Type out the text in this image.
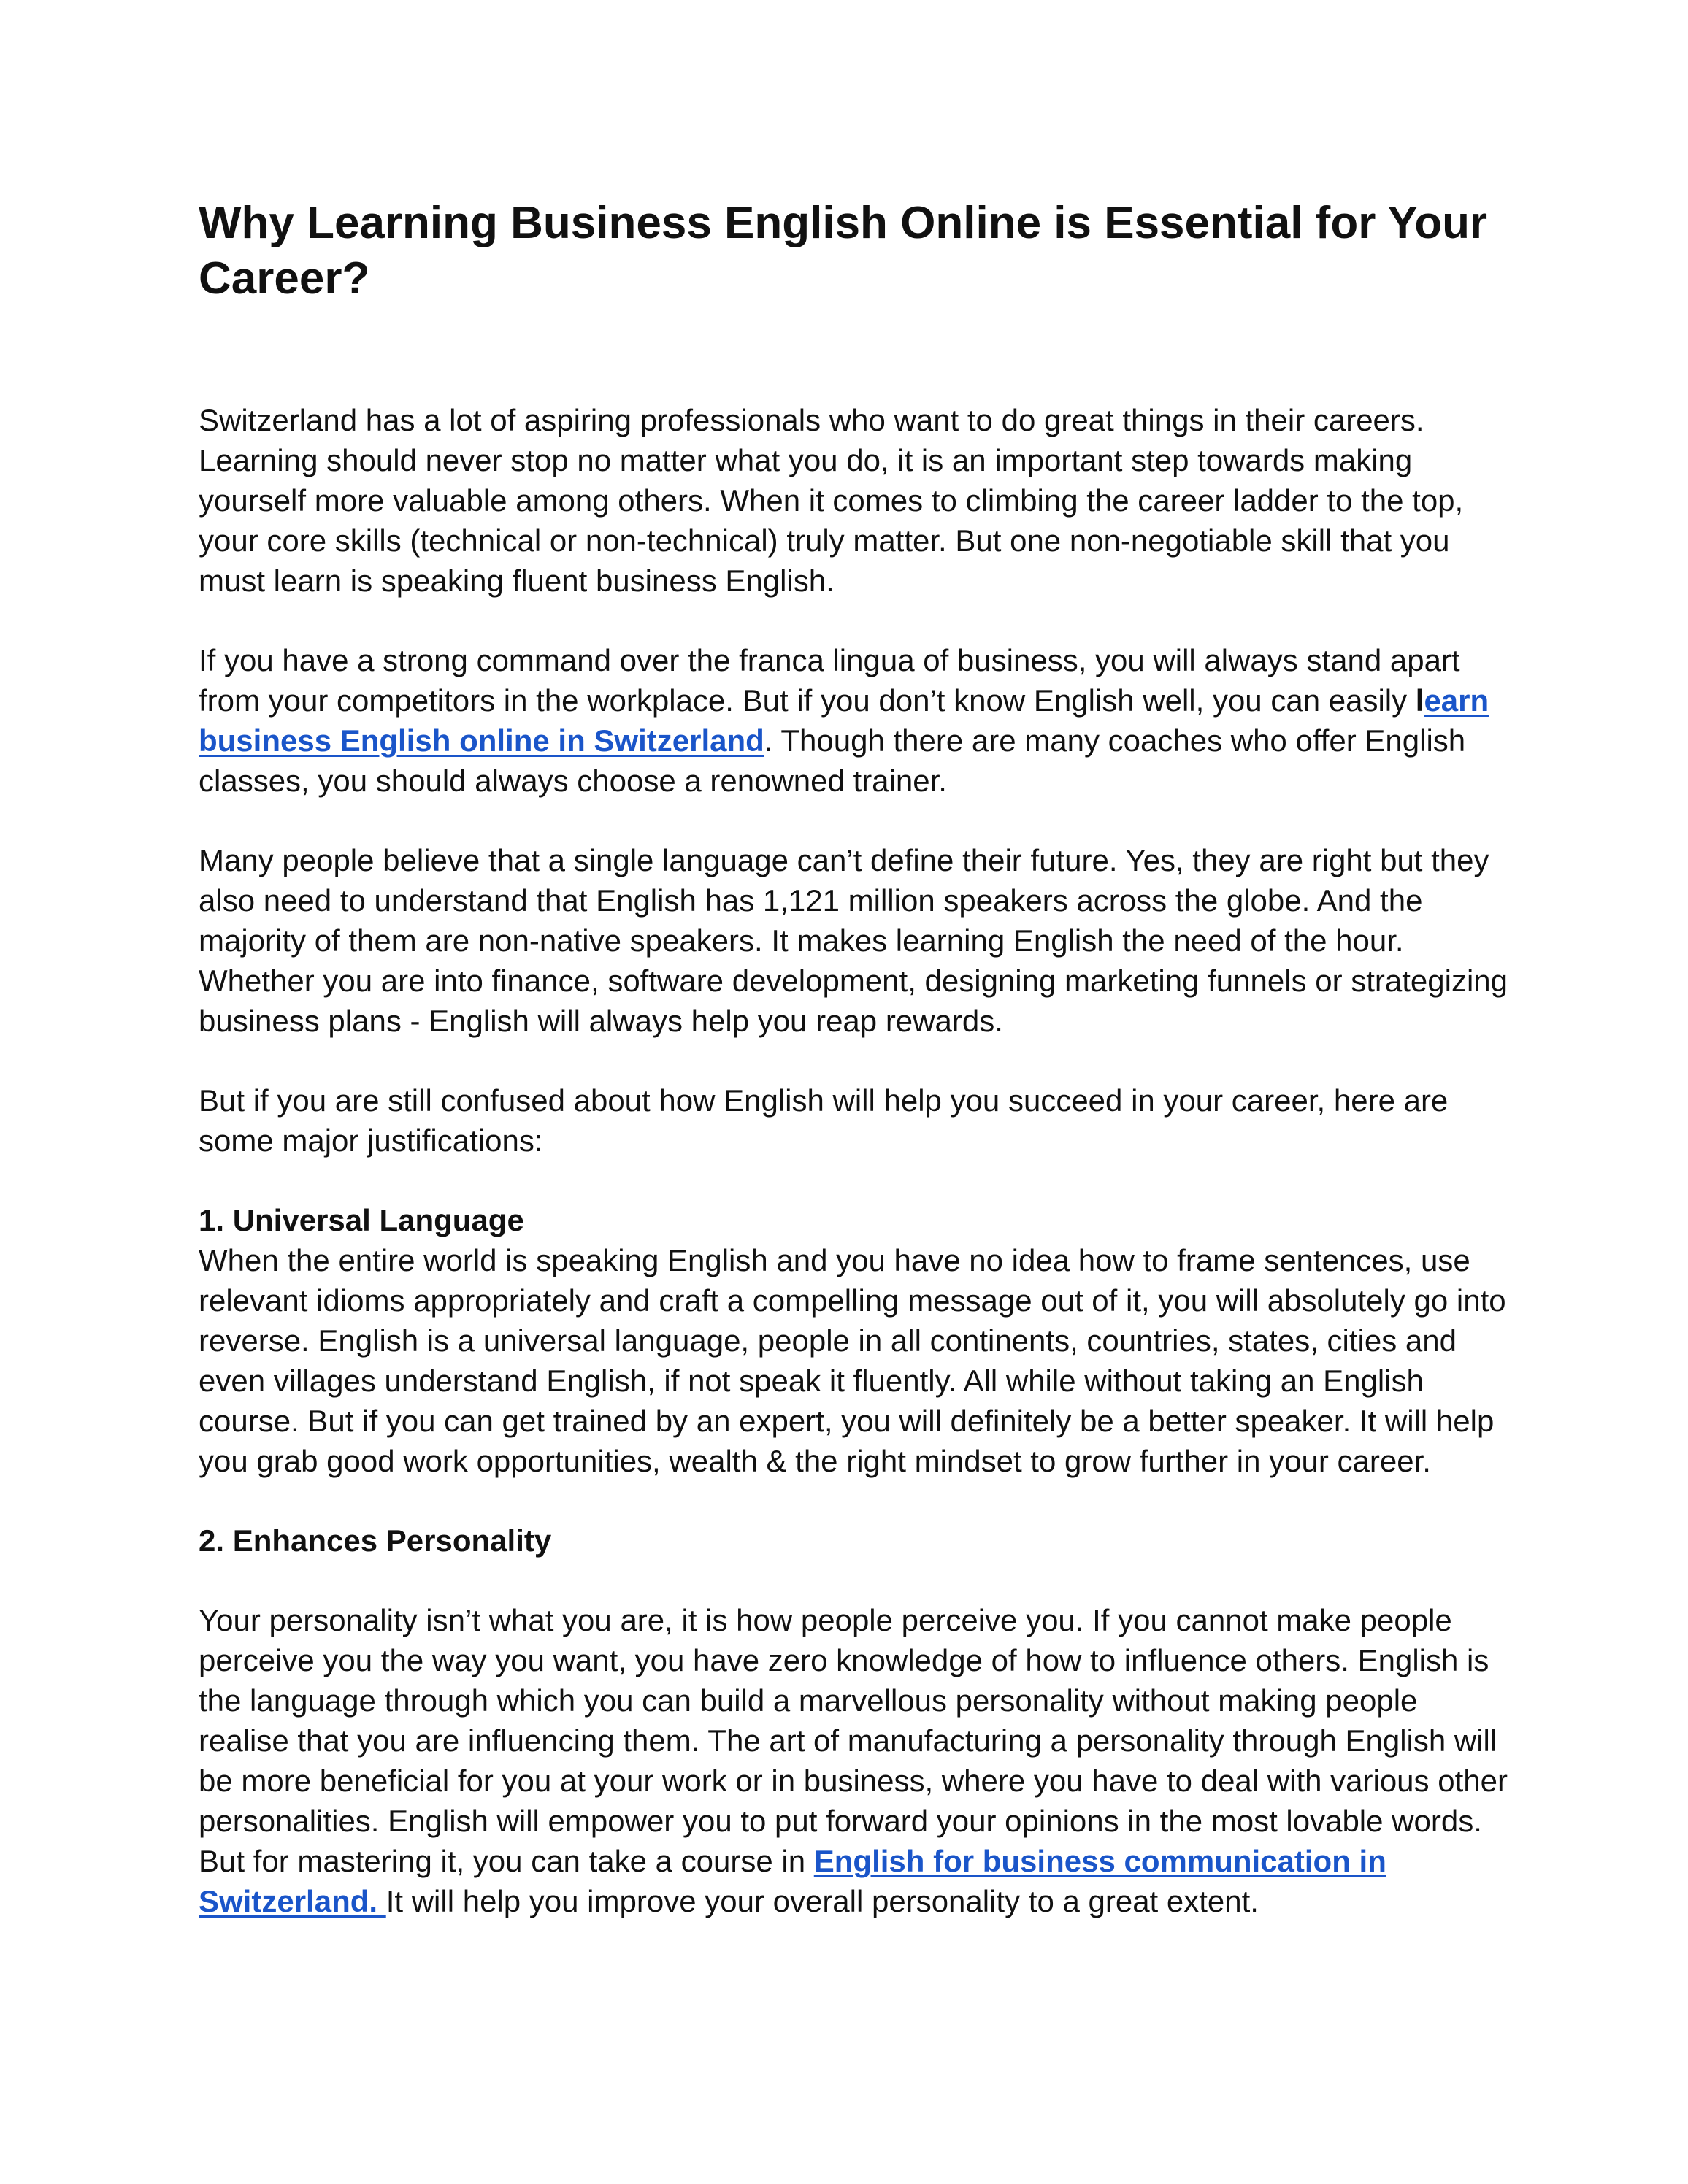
Why Learning Business English Online is Essential for Your Career?

Switzerland has a lot of aspiring professionals who want to do great things in their careers. Learning should never stop no matter what you do, it is an important step towards making yourself more valuable among others. When it comes to climbing the career ladder to the top, your core skills (technical or non-technical) truly matter. But one non-negotiable skill that you must learn is speaking fluent business English.

If you have a strong command over the franca lingua of business, you will always stand apart from your competitors in the workplace. But if you don’t know English well, you can easily learn business English online in Switzerland. Though there are many coaches who offer English classes, you should always choose a renowned trainer.

Many people believe that a single language can’t define their future. Yes, they are right but they also need to understand that English has 1,121 million speakers across the globe. And the majority of them are non-native speakers. It makes learning English the need of the hour. Whether you are into finance, software development, designing marketing funnels or strategizing business plans - English will always help you reap rewards.

But if you are still confused about how English will help you succeed in your career, here are some major justifications:

1. Universal Language

When the entire world is speaking English and you have no idea how to frame sentences, use relevant idioms appropriately and craft a compelling message out of it, you will absolutely go into reverse. English is a universal language, people in all continents, countries, states, cities and even villages understand English, if not speak it fluently. All while without taking an English course. But if you can get trained by an expert, you will definitely be a better speaker. It will help you grab good work opportunities, wealth & the right mindset to grow further in your career.

2. Enhances Personality

Your personality isn’t what you are, it is how people perceive you. If you cannot make people perceive you the way you want, you have zero knowledge of how to influence others. English is the language through which you can build a marvellous personality without making people realise that you are influencing them. The art of manufacturing a personality through English will be more beneficial for you at your work or in business, where you have to deal with various other personalities. English will empower you to put forward your opinions in the most lovable words. But for mastering it, you can take a course in English for business communication in Switzerland. It will help you improve your overall personality to a great extent.
